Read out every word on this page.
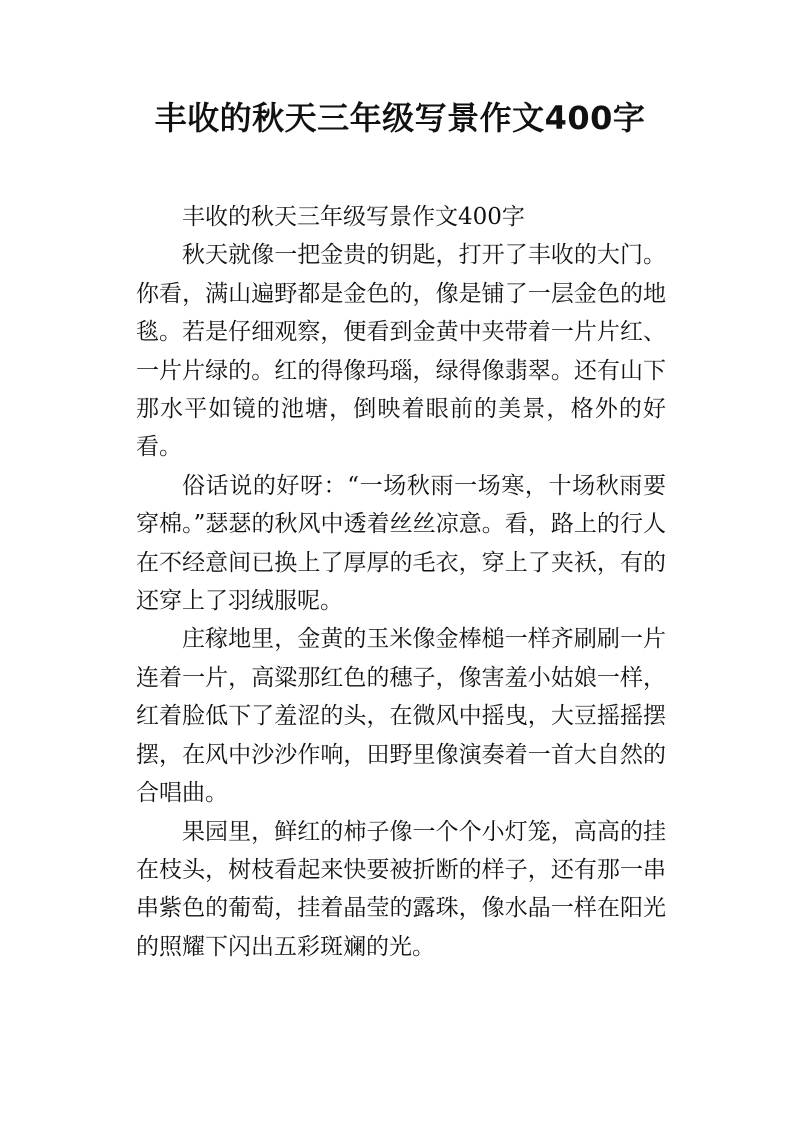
丰收的秋天三年级写景作文400字

丰收的秋天三年级写景作文400字

秋天就像一把金贵的钥匙，打开了丰收的大门。你看，满山遍野都是金色的，像是铺了一层金色的地毯。若是仔细观察，便看到金黄中夹带着一片片红、一片片绿的。红的得像玛瑙，绿得像翡翠。还有山下那水平如镜的池塘，倒映着眼前的美景，格外的好看。

俗话说的好呀：“一场秋雨一场寒，十场秋雨要穿棉。”瑟瑟的秋风中透着丝丝凉意。看，路上的行人在不经意间已换上了厚厚的毛衣，穿上了夹袄，有的还穿上了羽绒服呢。

庄稼地里，金黄的玉米像金棒槌一样齐刷刷一片连着一片，高粱那红色的穗子，像害羞小姑娘一样，红着脸低下了羞涩的头，在微风中摇曳，大豆摇摇摆摆，在风中沙沙作响，田野里像演奏着一首大自然的合唱曲。

果园里，鲜红的柿子像一个个小灯笼，高高的挂在枝头，树枝看起来快要被折断的样子，还有那一串串紫色的葡萄，挂着晶莹的露珠，像水晶一样在阳光的照耀下闪出五彩斑斓的光。
